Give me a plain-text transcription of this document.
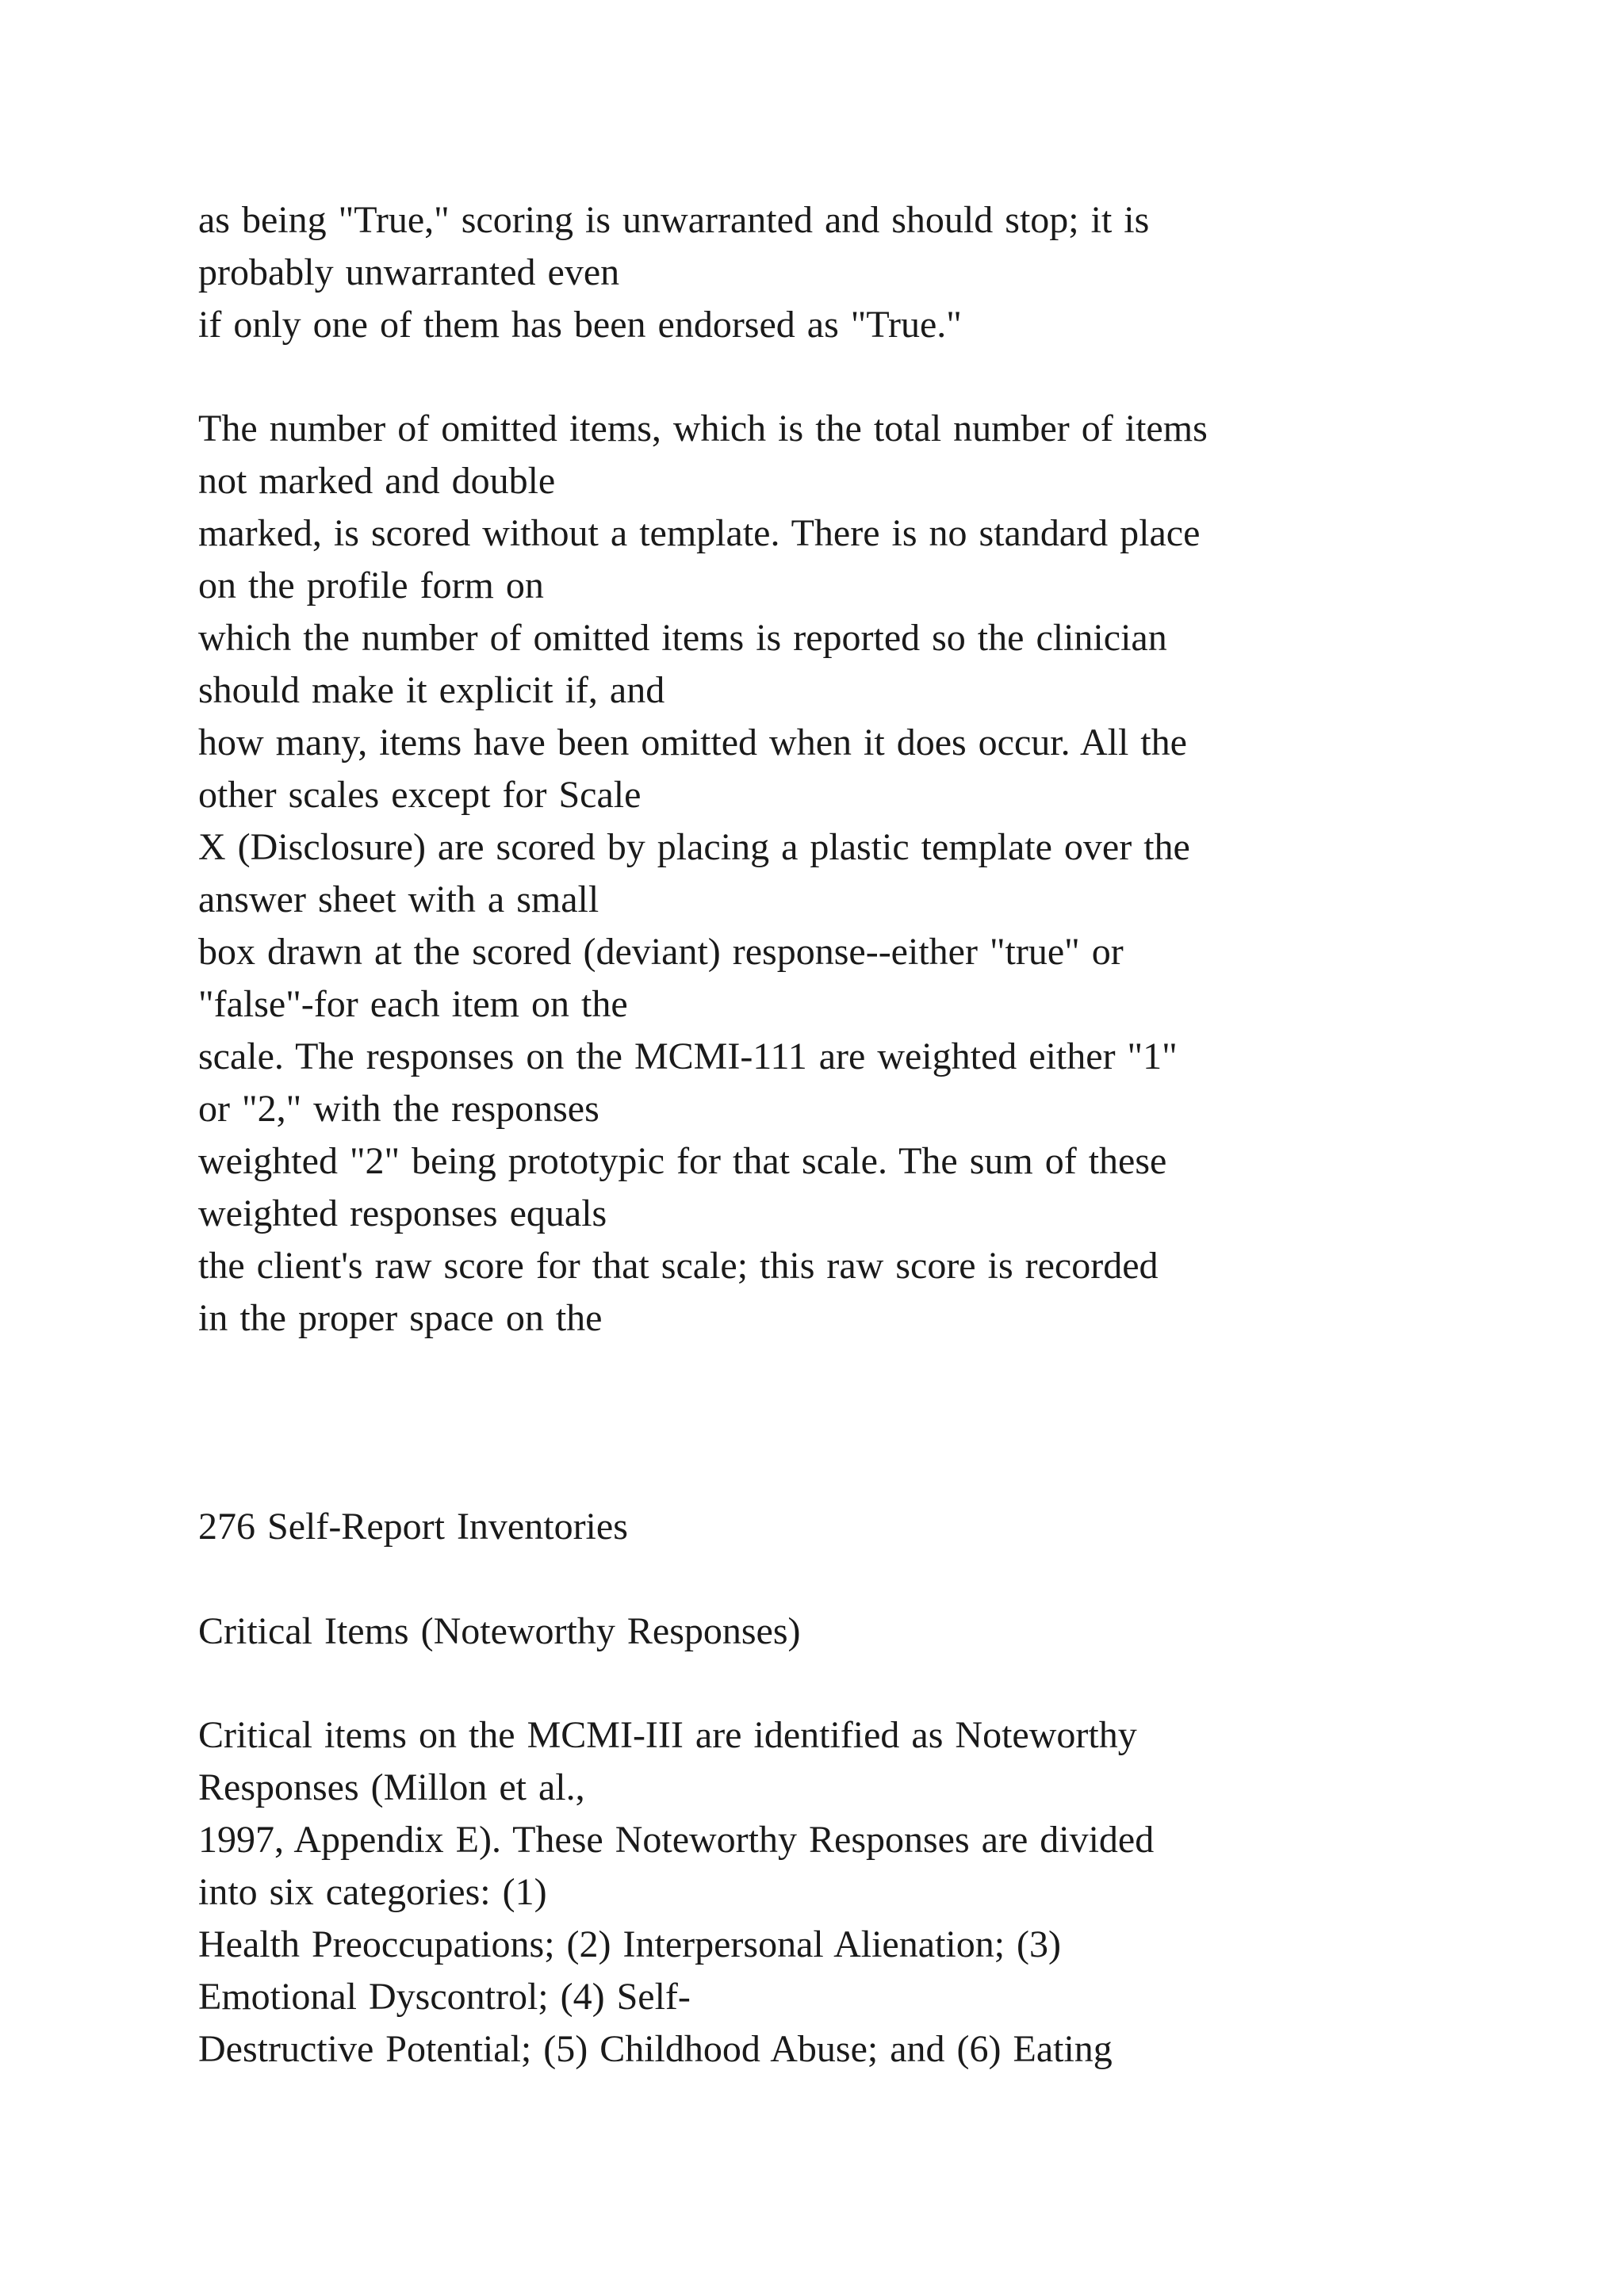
as being "True," scoring is unwarranted and should stop; it is

probably unwarranted even

if only one of them has been endorsed as "True."

The number of omitted items, which is the total number of items

not marked and double

marked, is scored without a template. There is no standard place

on the profile form on

which the number of omitted items is reported so the clinician

should make it explicit if, and

how many, items have been omitted when it does occur. All the

other scales except for Scale

X (Disclosure) are scored by placing a plastic template over the

answer sheet with a small

box drawn at the scored (deviant) response--either "true" or

"false"-for each item on the

scale. The responses on the MCMI-111 are weighted either "1"

or "2," with the responses

weighted "2" being prototypic for that scale. The sum of these

weighted responses equals

the client's raw score for that scale; this raw score is recorded

in the proper space on the

276 Self-Report Inventories

Critical Items (Noteworthy Responses)

Critical items on the MCMI-III are identified as Noteworthy

Responses (Millon et al.,

1997, Appendix E). These Noteworthy Responses are divided

into six categories: (1)

Health Preoccupations; (2) Interpersonal Alienation; (3)

Emotional Dyscontrol; (4) Self-

Destructive Potential; (5) Childhood Abuse; and (6) Eating
